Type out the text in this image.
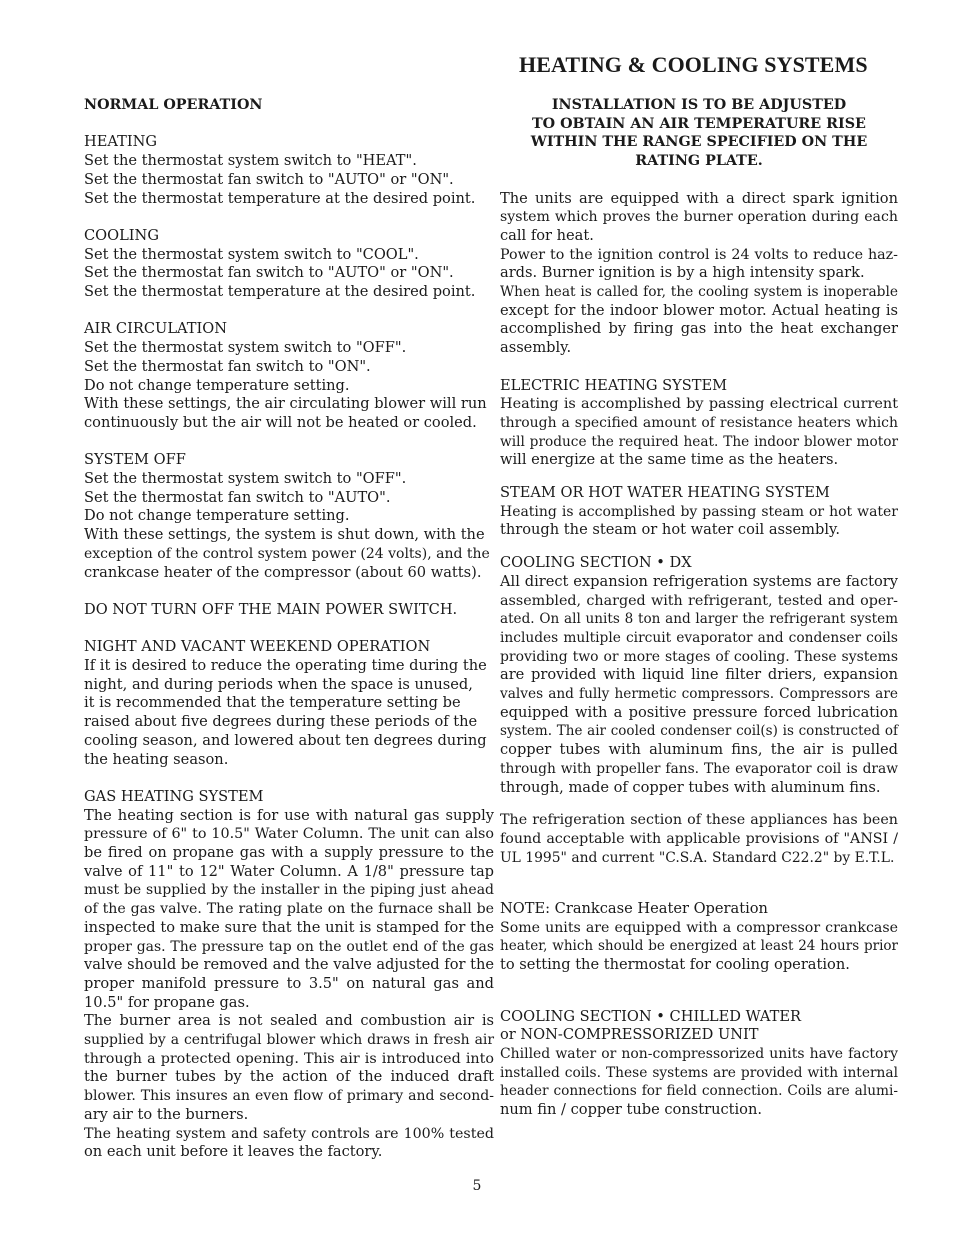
HEATING & COOLING SYSTEMS
NORMAL OPERATION
HEATING
Set the thermostat system switch to "HEAT".
Set the thermostat fan switch to "AUTO" or "ON".
Set the thermostat temperature at the desired point.
COOLING
Set the thermostat system switch to "COOL".
Set the thermostat fan switch to "AUTO" or "ON".
Set the thermostat temperature at the desired point.
AIR CIRCULATION
Set the thermostat system switch to "OFF".
Set the thermostat fan switch to "ON".
Do not change temperature setting.
With these settings, the air circulating blower will run
continuously but the air will not be heated or cooled.
SYSTEM OFF
Set the thermostat system switch to "OFF".
Set the thermostat fan switch to "AUTO".
Do not change temperature setting.
With these settings, the system is shut down, with the
exception of the control system power (24 volts), and the
crankcase heater of the compressor (about 60 watts).
DO NOT TURN OFF THE MAIN POWER SWITCH.
NIGHT AND VACANT WEEKEND OPERATION
If it is desired to reduce the operating time during the
night, and during periods when the space is unused,
it is recommended that the temperature setting be
raised about five degrees during these periods of the
cooling season, and lowered about ten degrees during
the heating season.
GAS HEATING SYSTEM
The heating section is for use with natural gas supply
pressure of 6" to 10.5" Water Column. The unit can also
be fired on propane gas with a supply pressure to the
valve of 11" to 12" Water Column. A 1/8" pressure tap
must be supplied by the installer in the piping just ahead
of the gas valve. The rating plate on the furnace shall be
inspected to make sure that the unit is stamped for the
proper gas. The pressure tap on the outlet end of the gas
valve should be removed and the valve adjusted for the
proper manifold pressure to 3.5" on natural gas and
10.5" for propane gas.
The burner area is not sealed and combustion air is
supplied by a centrifugal blower which draws in fresh air
through a protected opening. This air is introduced into
the burner tubes by the action of the induced draft
blower. This insures an even flow of primary and second-
ary air to the burners.
The heating system and safety controls are 100% tested
on each unit before it leaves the factory.
INSTALLATION IS TO BE ADJUSTED
TO OBTAIN AN AIR TEMPERATURE RISE
WITHIN THE RANGE SPECIFIED ON THE
RATING PLATE.
The units are equipped with a direct spark ignition
system which proves the burner operation during each
call for heat.
Power to the ignition control is 24 volts to reduce haz-
ards. Burner ignition is by a high intensity spark.
When heat is called for, the cooling system is inoperable
except for the indoor blower motor. Actual heating is
accomplished by firing gas into the heat exchanger
assembly.
ELECTRIC HEATING SYSTEM
Heating is accomplished by passing electrical current
through a specified amount of resistance heaters which
will produce the required heat. The indoor blower motor
will energize at the same time as the heaters.
STEAM OR HOT WATER HEATING SYSTEM
Heating is accomplished by passing steam or hot water
through the steam or hot water coil assembly.
COOLING SECTION • DX
All direct expansion refrigeration systems are factory
assembled, charged with refrigerant, tested and oper-
ated. On all units 8 ton and larger the refrigerant system
includes multiple circuit evaporator and condenser coils
providing two or more stages of cooling. These systems
are provided with liquid line filter driers, expansion
valves and fully hermetic compressors. Compressors are
equipped with a positive pressure forced lubrication
system. The air cooled condenser coil(s) is constructed of
copper tubes with aluminum fins, the air is pulled
through with propeller fans. The evaporator coil is draw
through, made of copper tubes with aluminum fins.
The refrigeration section of these appliances has been
found acceptable with applicable provisions of "ANSI /
UL 1995" and current "C.S.A. Standard C22.2" by E.T.L.
NOTE: Crankcase Heater Operation
Some units are equipped with a compressor crankcase
heater, which should be energized at least 24 hours prior
to setting the thermostat for cooling operation.
COOLING SECTION • CHILLED WATER
or NON-COMPRESSORIZED UNIT
Chilled water or non-compressorized units have factory
installed coils. These systems are provided with internal
header connections for field connection. Coils are alumi-
num fin / copper tube construction.
5
